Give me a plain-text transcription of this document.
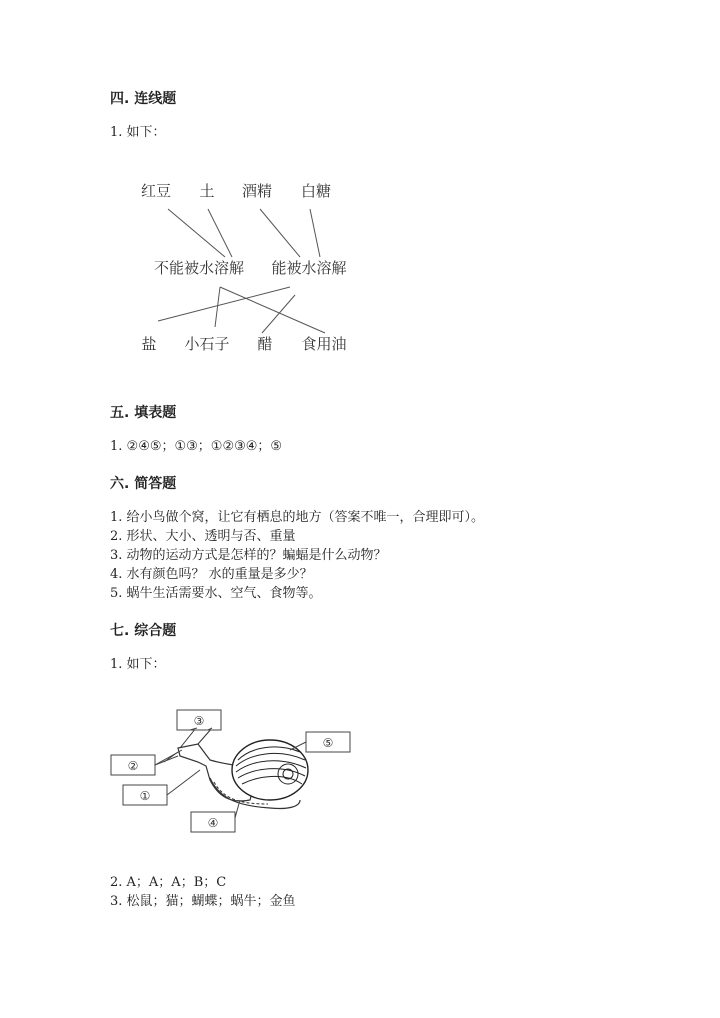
四. 连线题
1. 如下：
红豆 土 酒精 白糖
不能被水溶解 能被水溶解
盐 小石子 醋 食用油
五. 填表题
1. ②④⑤；①③；①②③④；⑤
六. 简答题
1. 给小鸟做个窝，让它有栖息的地方（答案不唯一，合理即可）。
2. 形状、大小、透明与否、重量
3. 动物的运动方式是怎样的？蝙蝠是什么动物？
4. 水有颜色吗？ 水的重量是多少？
5. 蜗牛生活需要水、空气、食物等。
七. 综合题
1. 如下：
③
②
①
④
⑤
2. A；A；A；B；C
3. 松鼠；猫；蝴蝶；蜗牛；金鱼
